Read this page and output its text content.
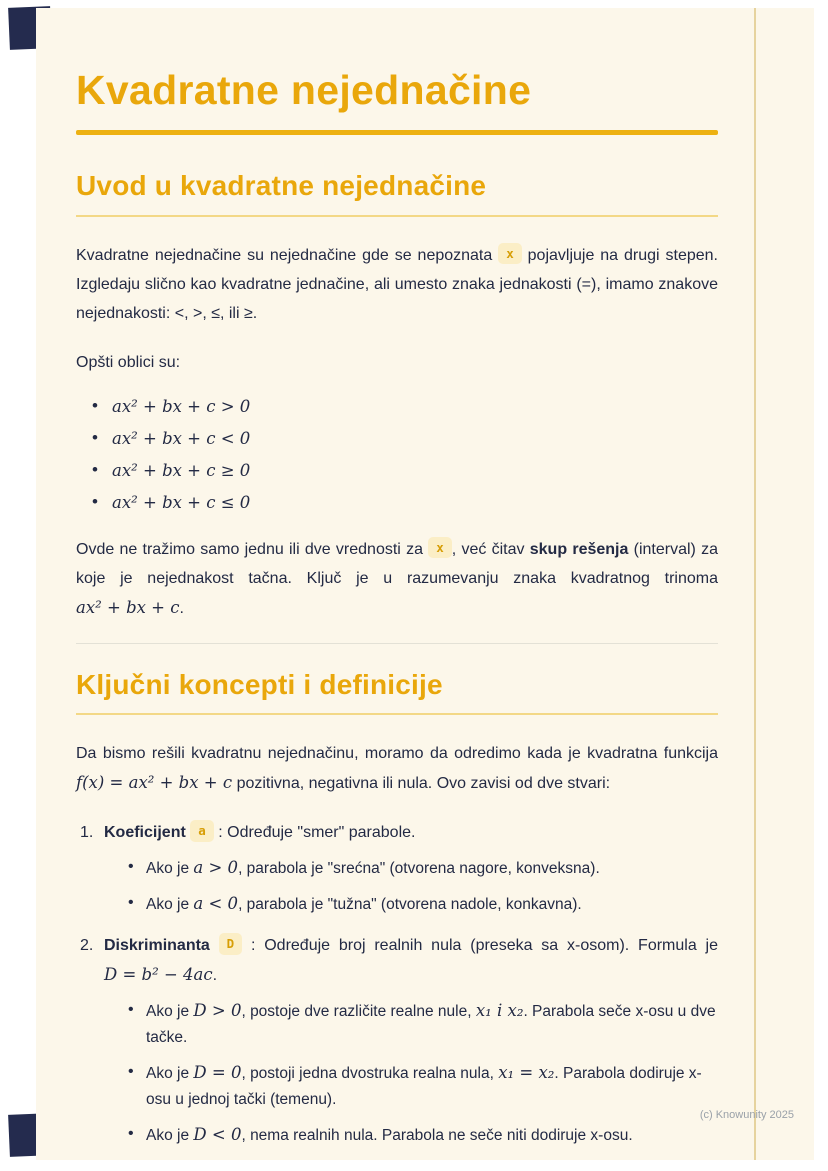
Kvadratne nejednačine
Uvod u kvadratne nejednačine

Kvadratne nejednačine su nejednačine gde se nepoznata x pojavljuje na drugi stepen. Izgledaju slično kao kvadratne jednačine, ali umesto znaka jednakosti (=), imamo znakove nejednakosti: <, >, ≤, ili ≥.

Opšti oblici su:

• ax² + bx + c > 0
• ax² + bx + c < 0
• ax² + bx + c ≥ 0
• ax² + bx + c ≤ 0

Ovde ne tražimo samo jednu ili dve vrednosti za x , već čitav skup rešenja (interval) za koje je nejednakost tačna. Ključ je u razumevanju znaka kvadratnog trinoma ax² + bx + c.

Ključni koncepti i definicije

Da bismo rešili kvadratnu nejednačinu, moramo da odredimo kada je kvadratna funkcija f(x) = ax² + bx + c pozitivna, negativna ili nula. Ovo zavisi od dve stvari:

1. Koeficijent a : Određuje "smer" parabole.

• Ako je a > 0, parabola je "srećna" (otvorena nagore, konveksna).
• Ako je a < 0, parabola je "tužna" (otvorena nadole, konkavna).
2. Diskriminanta D : Određuje broj realnih nula (preseka sa x-osom). Formula je D = b² − 4ac.

• Ako je D > 0, postoje dve različite realne nule, x₁ i x₂. Parabola seče x-osu u dve tačke.
• Ako je D = 0, postoji jedna dvostruka realna nula, x₁ = x₂. Parabola dodiruje x-osu u jednoj tački (temenu).
• Ako je D < 0, nema realnih nula. Parabola ne seče niti dodiruje x-osu.
(c) Knowunity 2025
